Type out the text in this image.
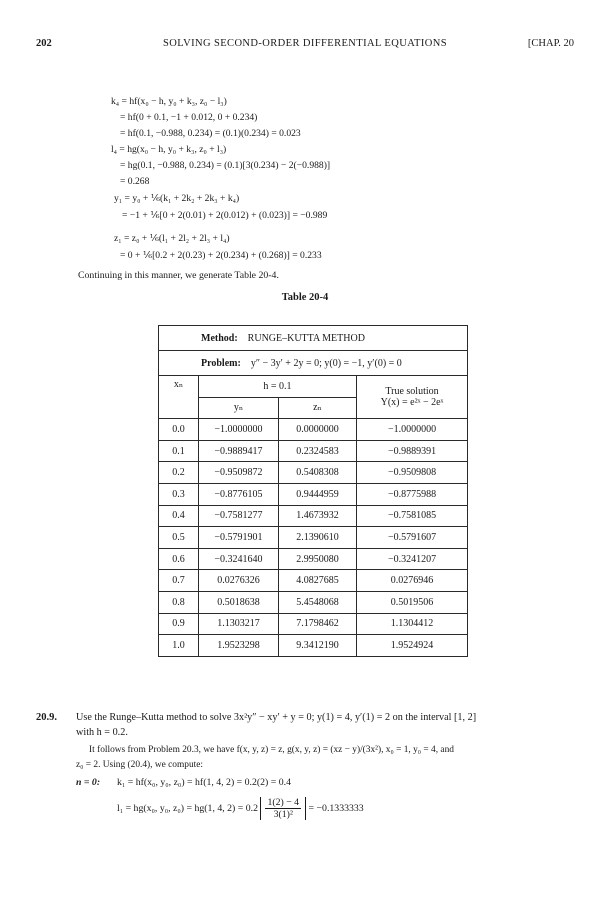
202	SOLVING SECOND-ORDER DIFFERENTIAL EQUATIONS	[CHAP. 20
k₄ = hf(x₀ − h, y₀ + k₃, z₀ − l₃)
= hf(0 + 0.1, −1 + 0.012, 0 + 0.234)
= hf(0.1, −0.988, 0.234) = (0.1)(0.234) = 0.023
l₄ = hg(x₀ − h, y₀ + k₃, z₀ + l₃)
= hg(0.1, −0.988, 0.234) = (0.1)[3(0.234) − 2(−0.988)]
= 0.268
y₁ = y₀ + ⅙(k₁ + 2k₂ + 2k₃ + k₄)
= −1 + ⅙[0 + 2(0.01) + 2(0.012) + (0.023)] = −0.989
z₁ = z₀ + ⅙(l₁ + 2l₂ + 2l₃ + l₄)
= 0 + ⅙[0.2 + 2(0.23) + 2(0.234) + (0.268)] = 0.233
Continuing in this manner, we generate Table 20-4.
Table 20-4
Method: RUNGE–KUTTA METHOD			
Problem: y″ − 3y′ + 2y = 0; y(0) = −1, y′(0) = 0			
xₙ	h = 0.1		True solution
Y(x) = e²ˣ − 2eˣ

	yₙ	zₙ	
0.0	−1.0000000	0.0000000	−1.0000000
0.1	−0.9889417	0.2324583	−0.9889391
0.2	−0.9509872	0.5408308	−0.9509808
0.3	−0.8776105	0.9444959	−0.8775988
0.4	−0.7581277	1.4673932	−0.7581085
0.5	−0.5791901	2.1390610	−0.5791607
0.6	−0.3241640	2.9950080	−0.3241207
0.7	0.0276326	4.0827685	0.0276946
0.8	0.5018638	5.4548068	0.5019506
0.9	1.1303217	7.1798462	1.1304412
1.0	1.9523298	9.3412190	1.9524924
20.9. Use the Runge–Kutta method to solve 3x²y″ − xy′ + y = 0; y(1) = 4, y′(1) = 2 on the interval [1, 2]
with h = 0.2.
It follows from Problem 20.3, we have f(x, y, z) = z, g(x, y, z) = (xz − y)/(3x²), x₀ = 1, y₀ = 4, and
z₀ = 2. Using (20.4), we compute:
n = 0: k₁ = hf(x₀, y₀, z₀) = hf(1, 4, 2) = 0.2(2) = 0.4
l₁ = hg(x₀, y₀, z₀) = hg(1, 4, $2) = 0.2 \frac{1(2) - 4}{\text{3(1)²}} = -0.1333333$
